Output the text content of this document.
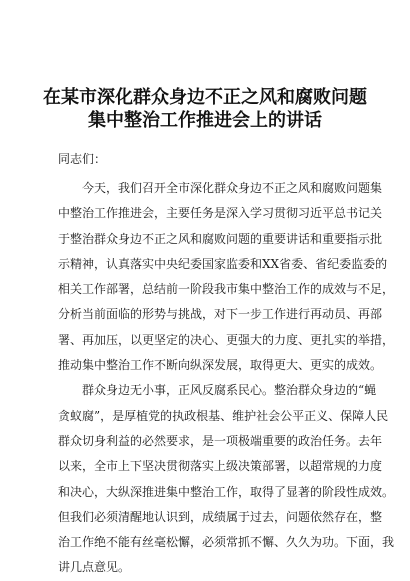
在某市深化群众身边不正之风和腐败问题
集中整治工作推进会上的讲话
同志们：
今天，我们召开全市深化群众身边不正之风和腐败问题集
中整治工作推进会，主要任务是深入学习贯彻习近平总书记关
于整治群众身边不正之风和腐败问题的重要讲话和重要指示批
示精神，认真落实中央纪委国家监委和XX省委、省纪委监委的
相关工作部署，总结前一阶段我市集中整治工作的成效与不足，
分析当前面临的形势与挑战，对下一步工作进行再动员、再部
署、再加压，以更坚定的决心、更强大的力度、更扎实的举措，
推动集中整治工作不断向纵深发展，取得更大、更实的成效。
群众身边无小事，正风反腐系民心。整治群众身边的“蝇
贪蚁腐”，是厚植党的执政根基、维护社会公平正义、保障人民
群众切身利益的必然要求，是一项极端重要的政治任务。去年
以来，全市上下坚决贯彻落实上级决策部署，以超常规的力度
和决心，大纵深推进集中整治工作，取得了显著的阶段性成效。
但我们必须清醒地认识到，成绩属于过去，问题依然存在，整
治工作绝不能有丝毫松懈，必须常抓不懈、久久为功。下面，我
讲几点意见。
